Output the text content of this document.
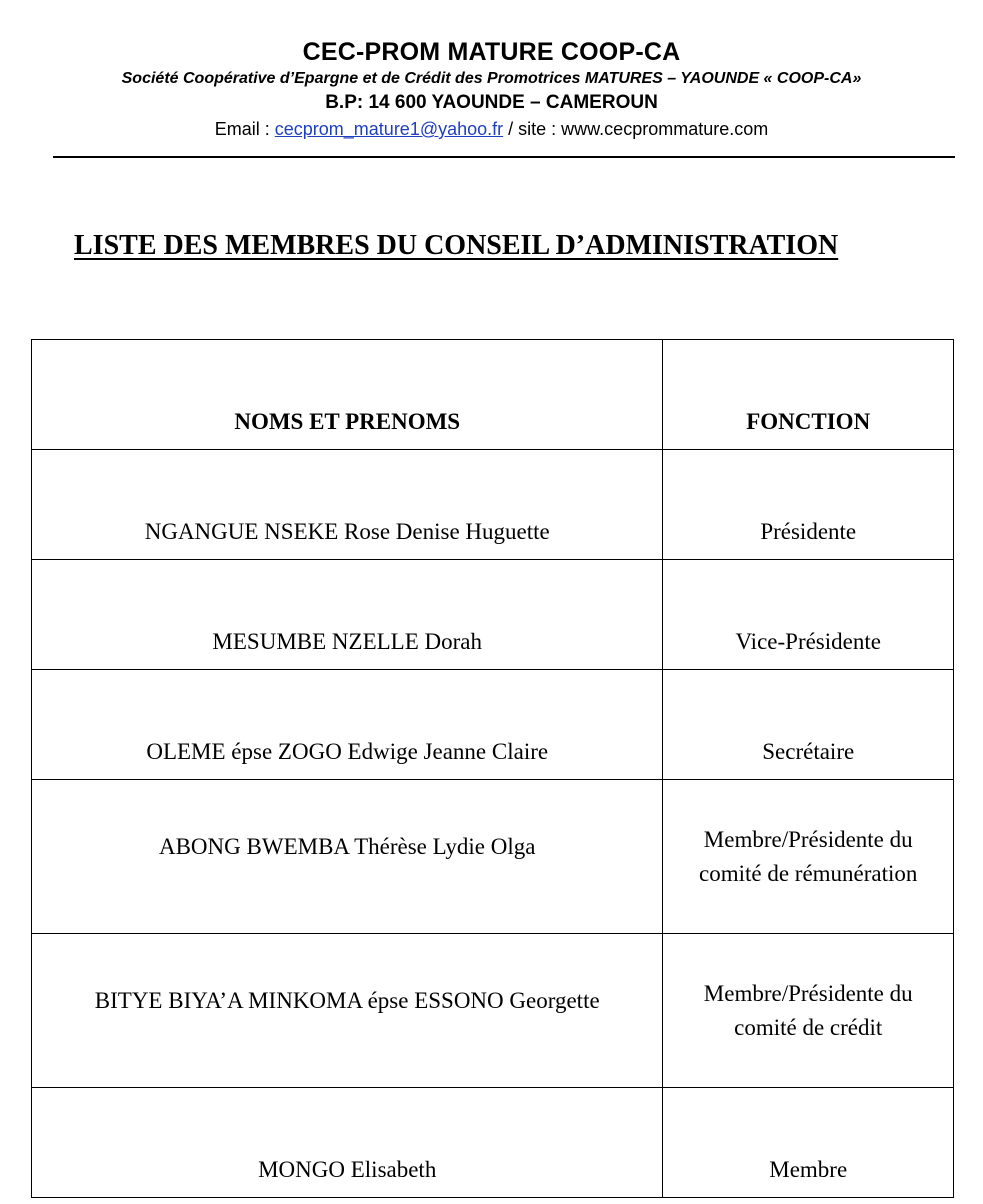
CEC-PROM MATURE COOP-CA
Société Coopérative d’Epargne et de Crédit des Promotrices MATURES – YAOUNDE « COOP-CA»
B.P: 14 600 YAOUNDE – CAMEROUN
Email : cecprom_mature1@yahoo.fr / site : www.cecprommature.com
LISTE DES MEMBRES DU CONSEIL D’ADMINISTRATION
NOMS ET PRENOMS	FONCTION
NGANGUE NSEKE Rose Denise Huguette	Présidente
MESUMBE NZELLE Dorah	Vice-Présidente
OLEME épse ZOGO Edwige Jeanne Claire	Secrétaire
ABONG BWEMBA Thérèse Lydie Olga	Membre/Présidente du comité de rémunération
BITYE BIYA’A MINKOMA épse ESSONO Georgette	Membre/Présidente du comité de crédit
MONGO Elisabeth	Membre
